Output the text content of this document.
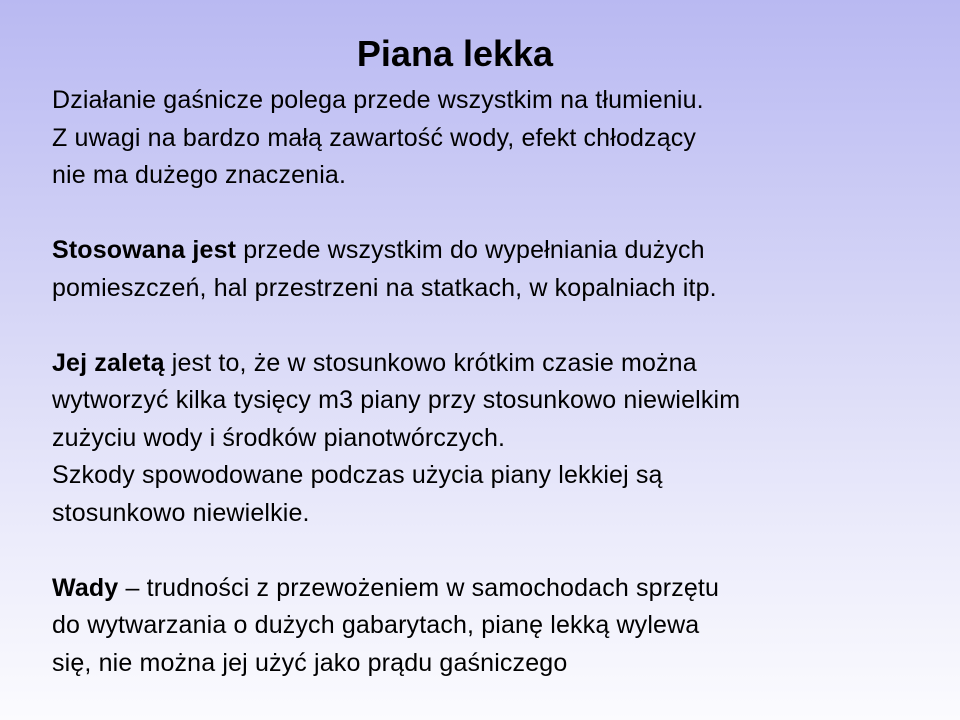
Piana lekka
Działanie gaśnicze polega przede wszystkim na tłumieniu.
Z uwagi na bardzo małą zawartość wody, efekt chłodzący
nie ma dużego znaczenia.
Stosowana jest przede wszystkim do wypełniania dużych
pomieszczeń, hal przestrzeni na statkach, w kopalniach itp.
Jej zaletą jest to, że w stosunkowo krótkim czasie można
wytworzyć kilka tysięcy m3 piany przy stosunkowo niewielkim
zużyciu wody i środków pianotwórczych.
Szkody spowodowane podczas użycia piany lekkiej są
stosunkowo niewielkie.
Wady – trudności z przewożeniem w samochodach sprzętu
do wytwarzania o dużych gabarytach, pianę lekką wylewa
się, nie można jej użyć jako prądu gaśniczego
